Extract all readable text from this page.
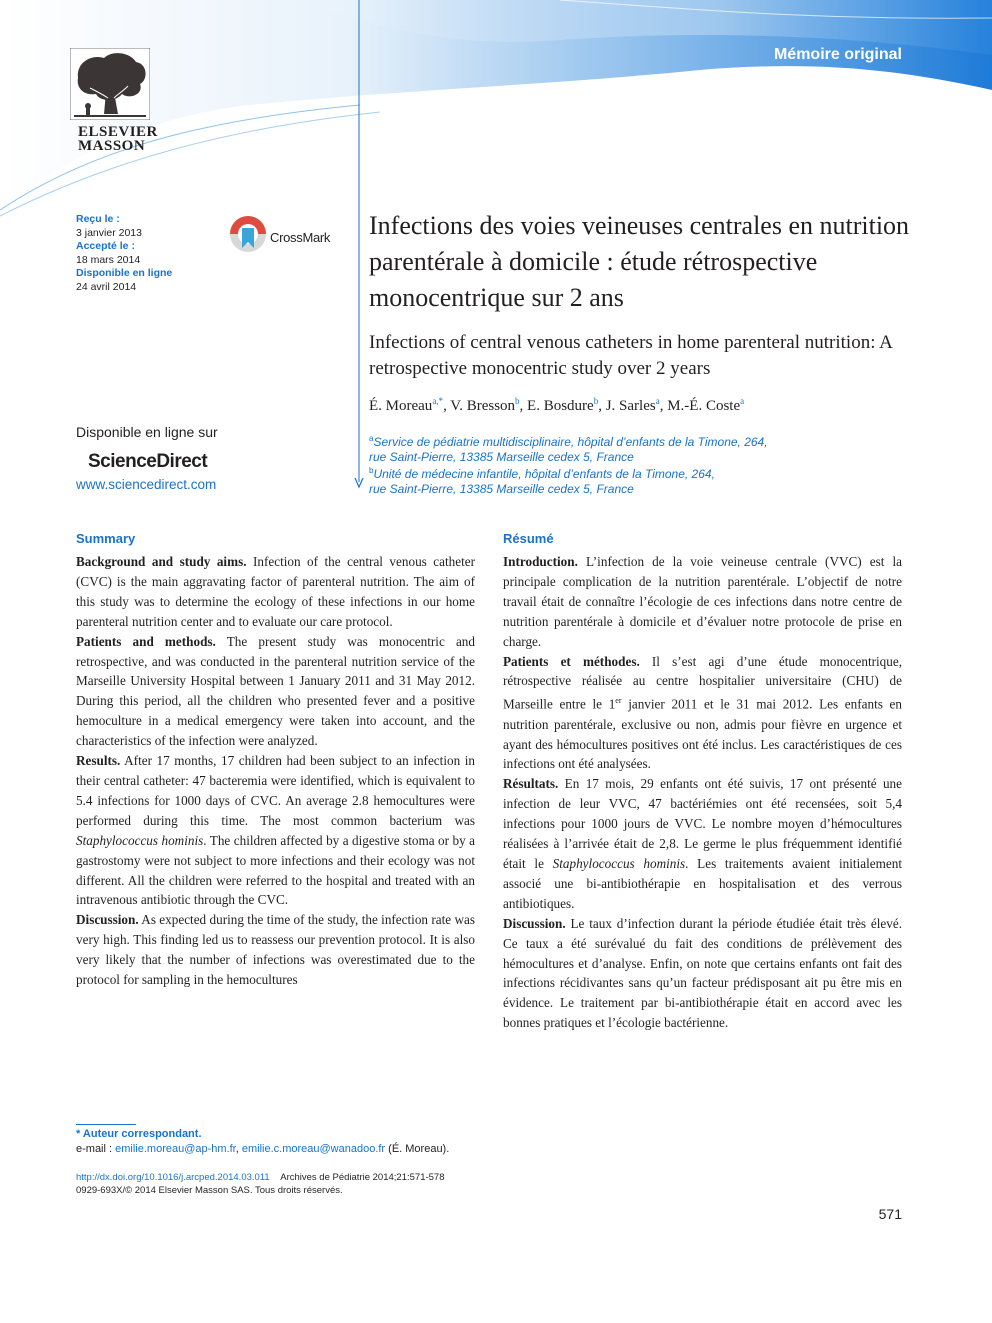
Mémoire original
ELSEVIER
MASSON
Reçu le :
3 janvier 2013
Accepté le :
18 mars 2014
Disponible en ligne
24 avril 2014
CrossMark
Disponible en ligne sur
ScienceDirect
www.sciencedirect.com
Infections des voies veineuses centrales en nutrition parentérale à domicile : étude rétrospective monocentrique sur 2 ans
Infections of central venous catheters in home parenteral nutrition: A retrospective monocentric study over 2 years
É. Moreau$^{a,*}$, V. Bresson$^b$, E. Bosdure$^b$, J. Sarles$^a$, M.-É. Coste$^a$
$^a$Service de pédiatrie multidisciplinaire, hôpital d’enfants de la Timone, 264,
rue Saint-Pierre, 13385 Marseille cedex 5, France
$^b$Unité de médecine infantile, hôpital d’enfants de la Timone, 264,
rue Saint-Pierre, 13385 Marseille cedex 5, France
Summary

Background and study aims. Infection of the central venous catheter (CVC) is the main aggravating factor of parenteral nutrition. The aim of this study was to determine the ecology of these infections in our home parenteral nutrition center and to evaluate our care protocol.

Patients and methods. The present study was monocentric and retrospective, and was conducted in the parenteral nutrition service of the Marseille University Hospital between 1 January 2011 and 31 May 2012. During this period, all the children who presented fever and a positive hemoculture in a medical emergency were taken into account, and the characteristics of the infection were analyzed.

Results. After 17 months, 17 children had been subject to an infection in their central catheter: 47 bacteremia were identified, which is equivalent to 5.4 infections for 1000 days of CVC. An average 2.8 hemocultures were performed during this time. The most common bacterium was Staphylococcus hominis. The children affected by a digestive stoma or by a gastrostomy were not subject to more infections and their ecology was not different. All the children were referred to the hospital and treated with an intravenous antibiotic through the CVC.

Discussion. As expected during the time of the study, the infection rate was very high. This finding led us to reassess our prevention protocol. It is also very likely that the number of infections was overestimated due to the protocol for sampling in the hemocultures

Résumé

Introduction. L’infection de la voie veineuse centrale (VVC) est la principale complication de la nutrition parentérale. L’objectif de notre travail était de connaître l’écologie de ces infections dans notre centre de nutrition parentérale à domicile et d’évaluer notre protocole de prise en charge.

Patients et méthodes. Il s’est agi d’une étude monocentrique, rétrospective réalisée au centre hospitalier universitaire (CHU) de Marseille entre le 1er janvier 2011 et le 31 mai 2012. Les enfants en nutrition parentérale, exclusive ou non, admis pour fièvre en urgence et ayant des hémocultures positives ont été inclus. Les caractéristiques de ces infections ont été analysées.

Résultats. En 17 mois, 29 enfants ont été suivis, 17 ont présenté une infection de leur VVC, 47 bactériémies ont été recensées, soit 5,4 infections pour 1000 jours de VVC. Le nombre moyen d’hémocultures réalisées à l’arrivée était de 2,8. Le germe le plus fréquemment identifié était le Staphylococcus hominis. Les traitements avaient initialement associé une bi-antibiothérapie en hospitalisation et des verrous antibiotiques.

Discussion. Le taux d’infection durant la période étudiée était très élevé. Ce taux a été surévalué du fait des conditions de prélèvement des hémocultures et d’analyse. Enfin, on note que certains enfants ont fait des infections récidivantes sans qu’un facteur prédisposant ait pu être mis en évidence. Le traitement par bi-antibiothérapie était en accord avec les bonnes pratiques et l’écologie bactérienne.

* Auteur correspondant.
e-mail : emilie.moreau@ap-hm.fr, emilie.c.moreau@wanadoo.fr (É. Moreau).
http://dx.doi.org/10.1016/j.arcped.2014.03.011 Archives de Pédiatrie 2014;21:571-578
0929-693X/© 2014 Elsevier Masson SAS. Tous droits réservés.
571
